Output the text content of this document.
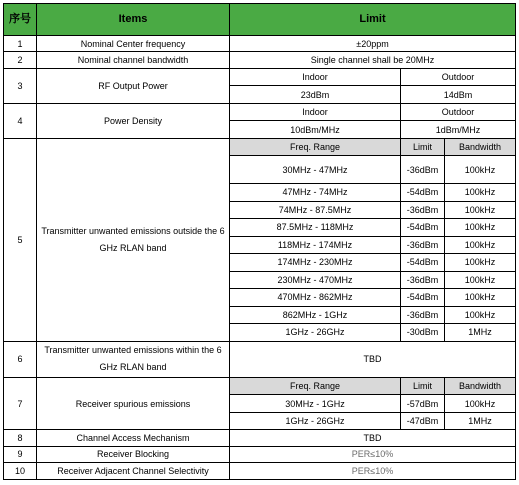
序号	Items	Limit		
1	Nominal Center frequency	±20ppm		
2	Nominal channel bandwidth	Single channel shall be 20MHz		
3	RF Output Power	Indoor	Outdoor	
		23dBm	14dBm	
4	Power Density	Indoor	Outdoor	
		10dBm/MHz	1dBm/MHz	
5	Transmitter unwanted emissions outside the 6 GHz RLAN band	Freq. Range	Limit	Bandwidth
		30MHz - 47MHz	-36dBm	100kHz
		47MHz - 74MHz	-54dBm	100kHz
		74MHz - 87.5MHz	-36dBm	100kHz
		87.5MHz - 118MHz	-54dBm	100kHz
		118MHz - 174MHz	-36dBm	100kHz
		174MHz - 230MHz	-54dBm	100kHz
		230MHz - 470MHz	-36dBm	100kHz
		470MHz - 862MHz	-54dBm	100kHz
		862MHz - 1GHz	-36dBm	100kHz
		1GHz - 26GHz	-30dBm	1MHz
6	Transmitter unwanted emissions within the 6 GHz RLAN band	TBD		
7	Receiver spurious emissions	Freq. Range	Limit	Bandwidth
		30MHz - 1GHz	-57dBm	100kHz
		1GHz - 26GHz	-47dBm	1MHz
8	Channel Access Mechanism	TBD		
9	Receiver Blocking	PER≤10%		
10	Receiver Adjacent Channel Selectivity	PER≤10%		
